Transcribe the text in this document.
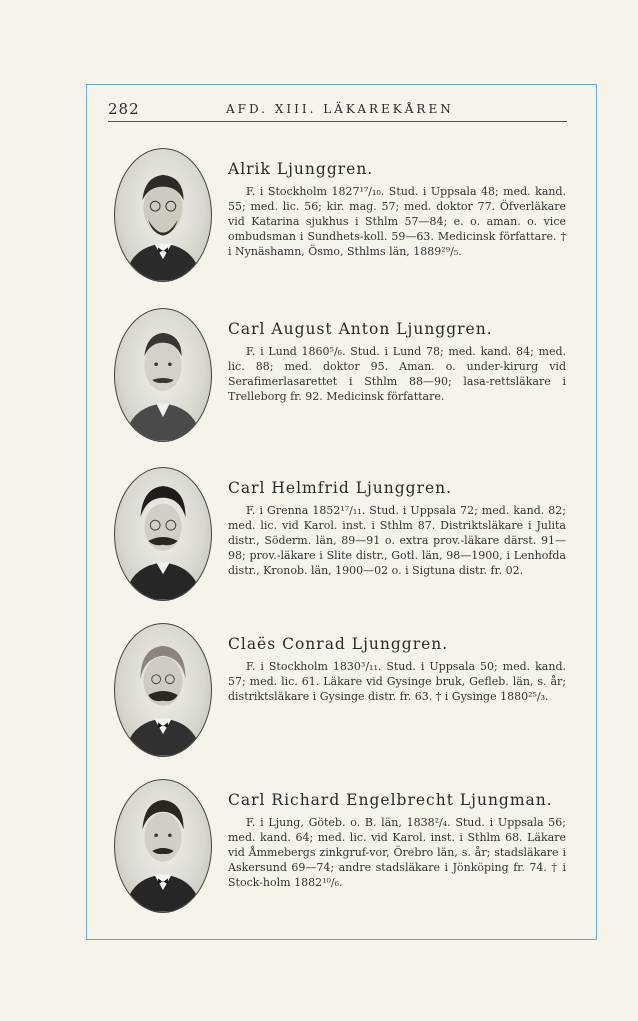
282	AFD. XIII. LÄKAREKÅREN
Alrik Ljunggren.
F. i Stockholm 1827¹⁷/₁₀. Stud. i Uppsala 48; med. kand. 55; med. lic. 56; kir. mag. 57; med. doktor 77. Öfverläkare vid Katarina sjukhus i Sthlm 57—84; e. o. aman. o. vice ombudsman i Sundhets-koll. 59—63. Medicinsk författare. † i Nynäshamn, Ösmo, Sthlms län, 1889²⁹/₅.
Carl August Anton Ljunggren.
F. i Lund 1860⁵/₆. Stud. i Lund 78; med. kand. 84; med. lic. 88; med. doktor 95. Aman. o. under-kirurg vid Serafimerlasarettet i Sthlm 88—90; lasa-rettsläkare i Trelleborg fr. 92. Medicinsk författare.
Carl Helmfrid Ljunggren.
F. i Grenna 1852¹⁷/₁₁. Stud. i Uppsala 72; med. kand. 82; med. lic. vid Karol. inst. i Sthlm 87. Distriktsläkare i Julita distr., Söderm. län, 89—91 o. extra prov.-läkare därst. 91—98; prov.-läkare i Slite distr., Gotl. län, 98—1900, i Lenhofda distr., Kronob. län, 1900—02 o. i Sigtuna distr. fr. 02.
Claës Conrad Ljunggren.
F. i Stockholm 1830³/₁₁. Stud. i Uppsala 50; med. kand. 57; med. lic. 61. Läkare vid Gysinge bruk, Gefleb. län, s. år; distriktsläkare i Gysinge distr. fr. 63. † i Gysinge 1880²⁵/₃.
Carl Richard Engelbrecht Ljungman.
F. i Ljung, Göteb. o. B. län, 1838²/₄. Stud. i Uppsala 56; med. kand. 64; med. lic. vid Karol. inst. i Sthlm 68. Läkare vid Åmmebergs zinkgruf-vor, Örebro län, s. år; stadsläkare i Askersund 69—74; andre stadsläkare i Jönköping fr. 74. † i Stock-holm 1882¹⁰/₆.
